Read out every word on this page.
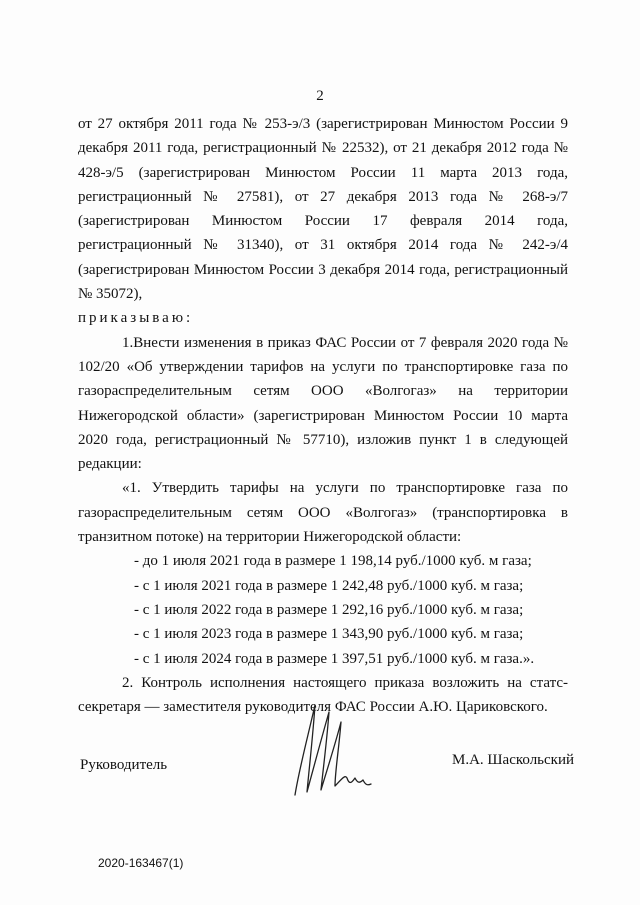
2

от 27 октября 2011 года № 253-э/3 (зарегистрирован Минюстом России 9 декабря 2011 года, регистрационный № 22532), от 21 декабря 2012 года № 428-э/5 (зарегистрирован Минюстом России 11 марта 2013 года, регистрационный № 27581), от 27 декабря 2013 года № 268-э/7 (зарегистрирован Минюстом России 17 февраля 2014 года, регистрационный № 31340), от 31 октября 2014 года № 242-э/4 (зарегистрирован Минюстом России 3 декабря 2014 года, регистрационный № 35072),

приказываю:

1.Внести изменения в приказ ФАС России от 7 февраля 2020 года № 102/20 «Об утверждении тарифов на услуги по транспортировке газа по газораспределительным сетям ООО «Волгогаз» на территории Нижегородской области» (зарегистрирован Минюстом России 10 марта 2020 года, регистрационный № 57710), изложив пункт 1 в следующей редакции:

«1. Утвердить тарифы на услуги по транспортировке газа по газораспределительным сетям ООО «Волгогаз» (транспортировка в транзитном потоке) на территории Нижегородской области:

- до 1 июля 2021 года в размере 1 198,14 руб./1000 куб. м газа;

- с 1 июля 2021 года в размере 1 242,48 руб./1000 куб. м газа;

- с 1 июля 2022 года в размере 1 292,16 руб./1000 куб. м газа;

- с 1 июля 2023 года в размере 1 343,90 руб./1000 куб. м газа;

- с 1 июля 2024 года в размере 1 397,51 руб./1000 куб. м газа.».

2. Контроль исполнения настоящего приказа возложить на статс-секретаря — заместителя руководителя ФАС России А.Ю. Цариковского.

Руководитель	М.А. Шаскольский
2020-163467(1)
